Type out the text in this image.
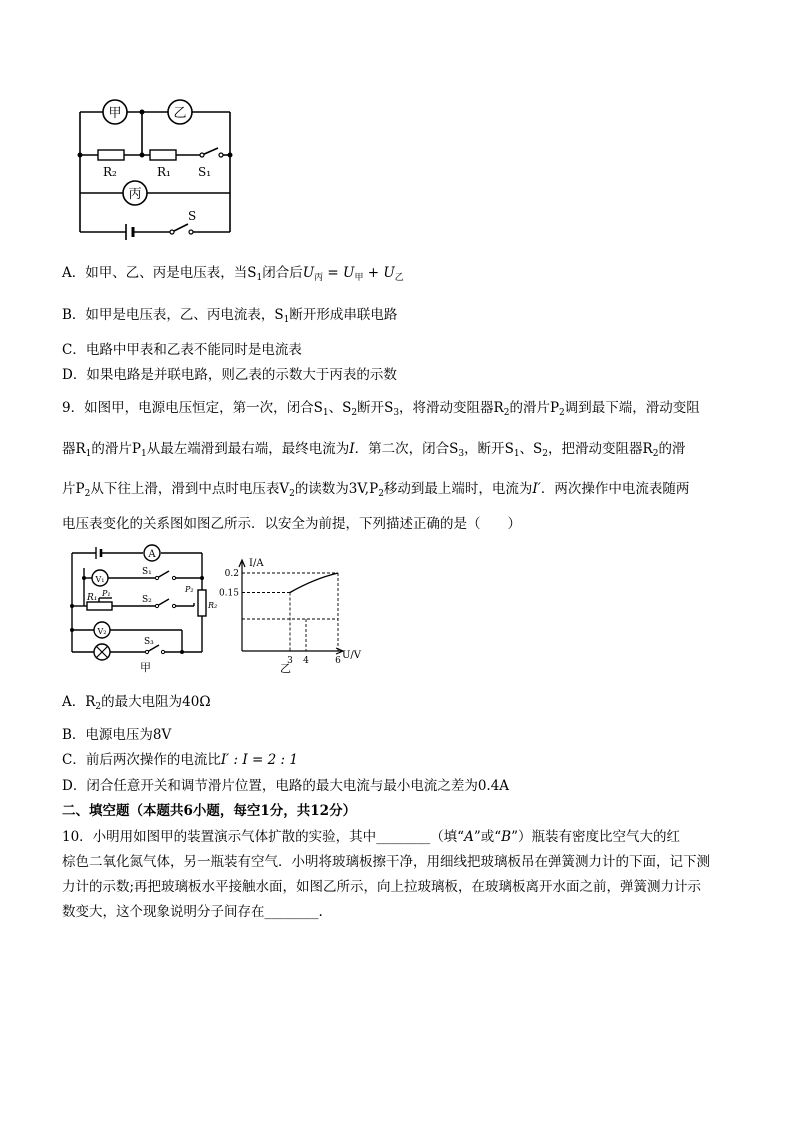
甲	乙
丙
R₂	R₁ S₁
S
A．如甲、乙、丙是电压表，当$S_1$闭合后$U_丙 = U_甲 + U_乙$
B．如甲是电压表，乙、丙电流表，$S_1$断开形成串联电路
C．电路中甲表和乙表不能同时是电流表
D．如果电路是并联电路，则乙表的示数大于丙表的示数
9．如图甲，电源电压恒定，第一次，闭合$S_1$、$S_2$断开$S_3$，将滑动变阻器$R_2$的滑片$P_2$调到最下端，滑动变阻
器$R_1$的滑片$P_1$从最左端滑到最右端，最终电流为I．第二次，闭合$S_3$，断开$S_1$、$S_2$，把滑动变阻器$R_2$的滑
片$P_2$从下往上滑，滑到中点时电压表$V_2$的读数为$3V,P_2$移动到最上端时，电流为I′．两次操作中电流表随两
电压表变化的关系图如图乙所示．以安全为前提，下列描述正确的是（　　）
A
V₁
V₂
S₁
S₂
S₃
R₁ P₁	P₂
R₂
甲
0.2
0.15
3 4	6
I/A
U/V
乙
A．$R_2$的最大电阻为40Ω
B．电源电压为8V
C．前后两次操作的电流比I′ : I = 2 : 1
D．闭合任意开关和调节滑片位置，电路的最大电流与最小电流之差为0.4A
二、填空题（本题共6小题，每空1分，共12分）
10．小明用如图甲的装置演示气体扩散的实验，其中________（填“A”或“B”）瓶装有密度比空气大的红
棕色二氧化氮气体，另一瓶装有空气．小明将玻璃板擦干净，用细线把玻璃板吊在弹簧测力计的下面，记下测
力计的示数;再把玻璃板水平接触水面，如图乙所示，向上拉玻璃板，在玻璃板离开水面之前，弹簧测力计示
数变大，这个现象说明分子间存在________.
